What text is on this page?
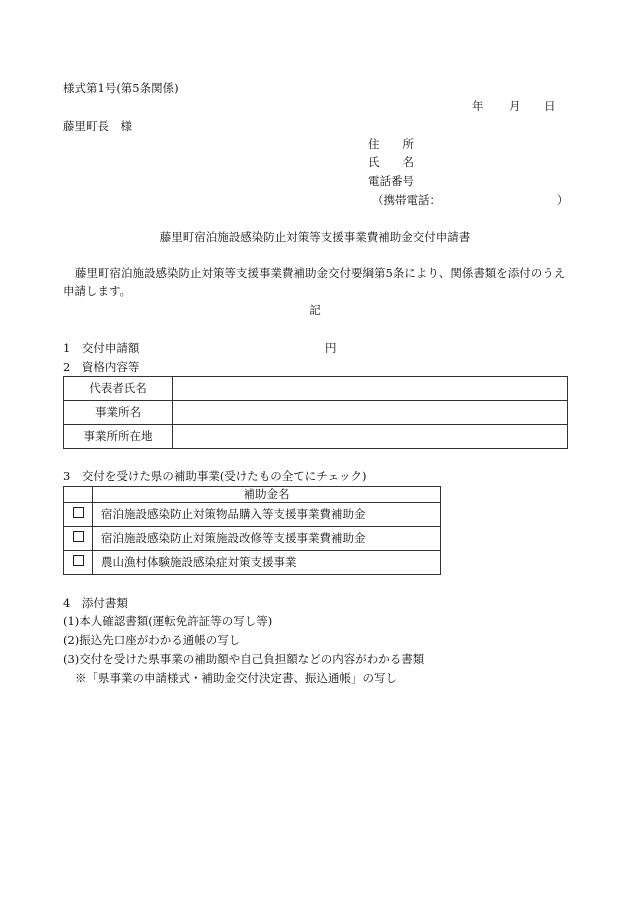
様式第1号(第5条関係)
年 月 日
藤里町長　様
住　　所
氏　　名
電話番号
（携帯電話：	）
藤里町宿泊施設感染防止対策等支援事業費補助金交付申請書
藤里町宿泊施設感染防止対策等支援事業費補助金交付要綱第5条により、関係書類を添付のうえ
申請します。
記
1　交付申請額	円
2　資格内容等
代表者氏名	
事業所名	
事業所所在地	
3　交付を受けた県の補助事業(受けたもの全てにチェック)
	補助金名
	宿泊施設感染防止対策物品購入等支援事業費補助金
	宿泊施設感染防止対策施設改修等支援事業費補助金
	農山漁村体験施設感染症対策支援事業
4　添付書類
(1)本人確認書類(運転免許証等の写し等)
(2)振込先口座がわかる通帳の写し
(3)交付を受けた県事業の補助額や自己負担額などの内容がわかる書類
※「県事業の申請様式・補助金交付決定書、振込通帳」の写し
